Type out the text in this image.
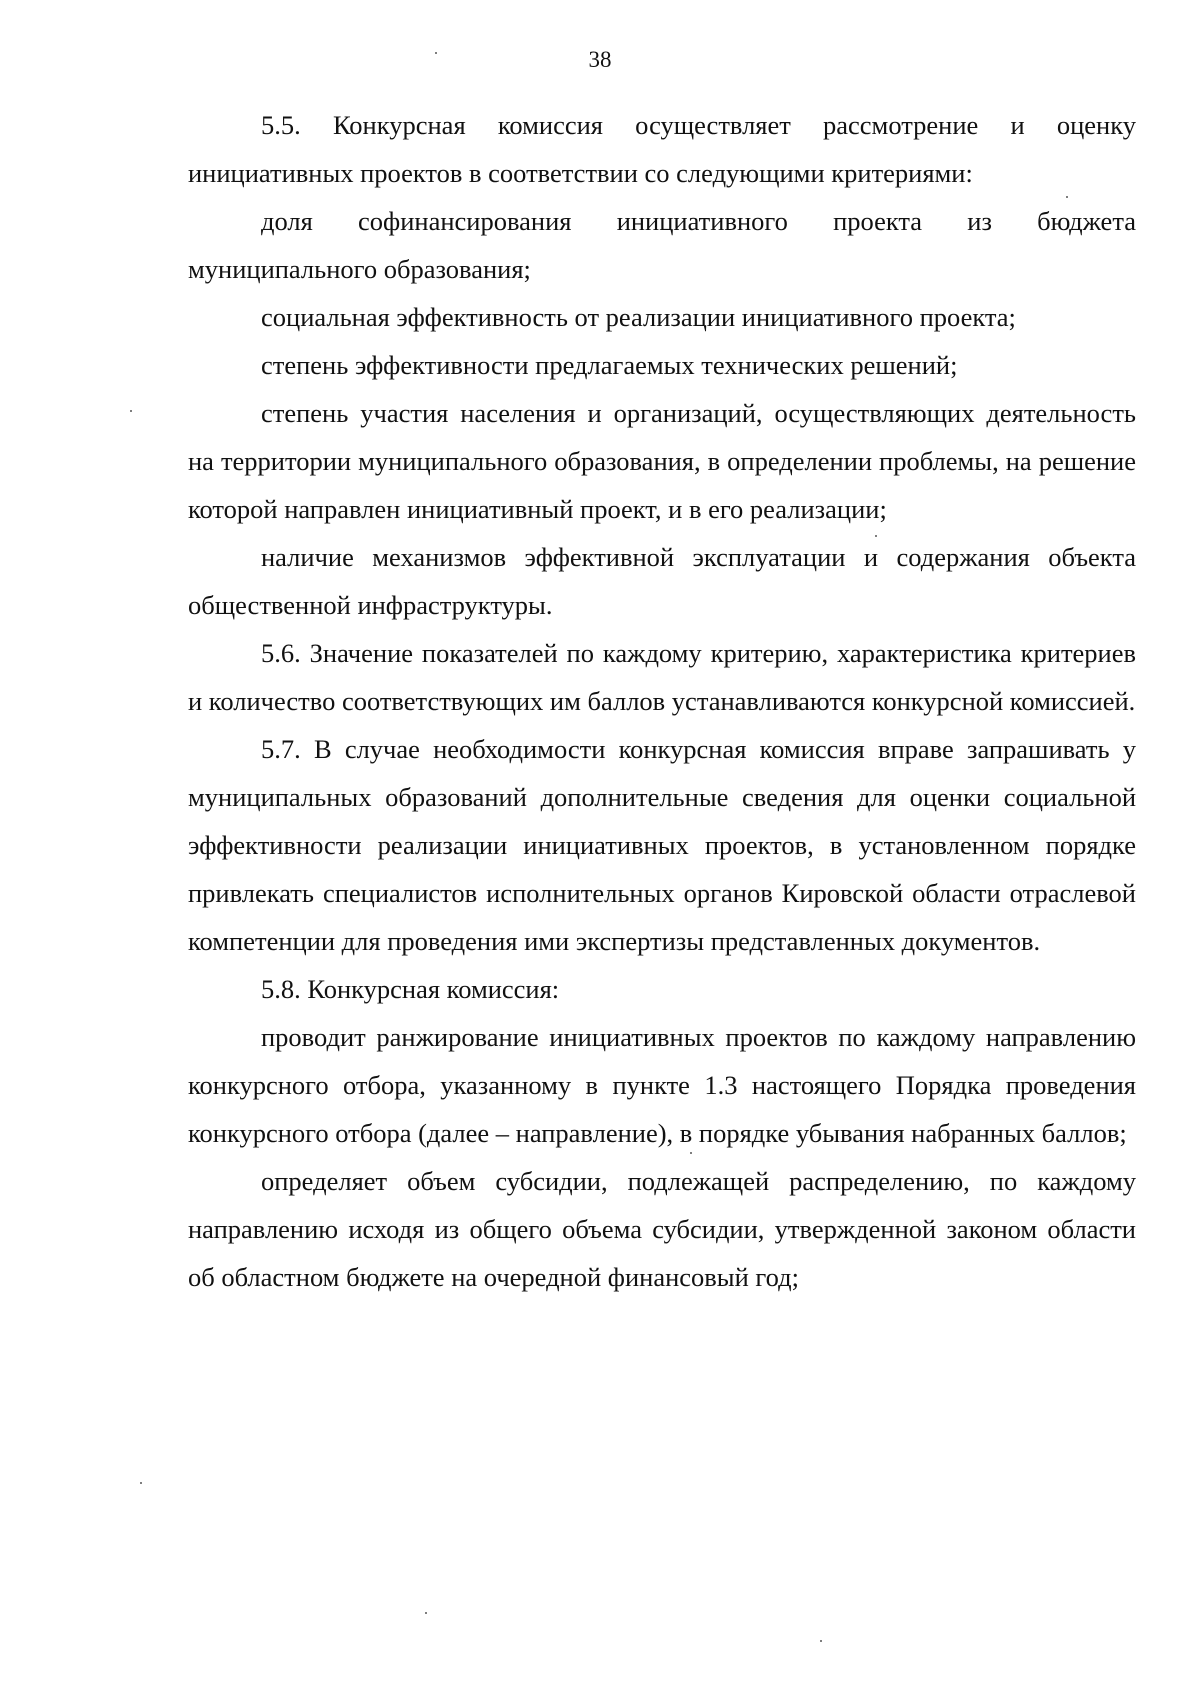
38

5.5. Конкурсная комиссия осуществляет рассмотрение и оценку инициативных проектов в соответствии со следующими критериями:

доля софинансирования инициативного проекта из бюджета муниципального образования;

социальная эффективность от реализации инициативного проекта;

степень эффективности предлагаемых технических решений;

степень участия населения и организаций, осуществляющих деятельность на территории муниципального образования, в определении проблемы, на решение которой направлен инициативный проект, и в его реализации;

наличие механизмов эффективной эксплуатации и содержания объекта общественной инфраструктуры.

5.6. Значение показателей по каждому критерию, характеристика критериев и количество соответствующих им баллов устанавливаются конкурсной комиссией.

5.7. В случае необходимости конкурсная комиссия вправе запрашивать у муниципальных образований дополнительные сведения для оценки социальной эффективности реализации инициативных проектов, в установленном порядке привлекать специалистов исполнительных органов Кировской области отраслевой компетенции для проведения ими экспертизы представленных документов.

5.8. Конкурсная комиссия:

проводит ранжирование инициативных проектов по каждому направлению конкурсного отбора, указанному в пункте 1.3 настоящего Порядка проведения конкурсного отбора (далее – направление), в порядке убывания набранных баллов;

определяет объем субсидии, подлежащей распределению, по каждому направлению исходя из общего объема субсидии, утвержденной законом области об областном бюджете на очередной финансовый год;
